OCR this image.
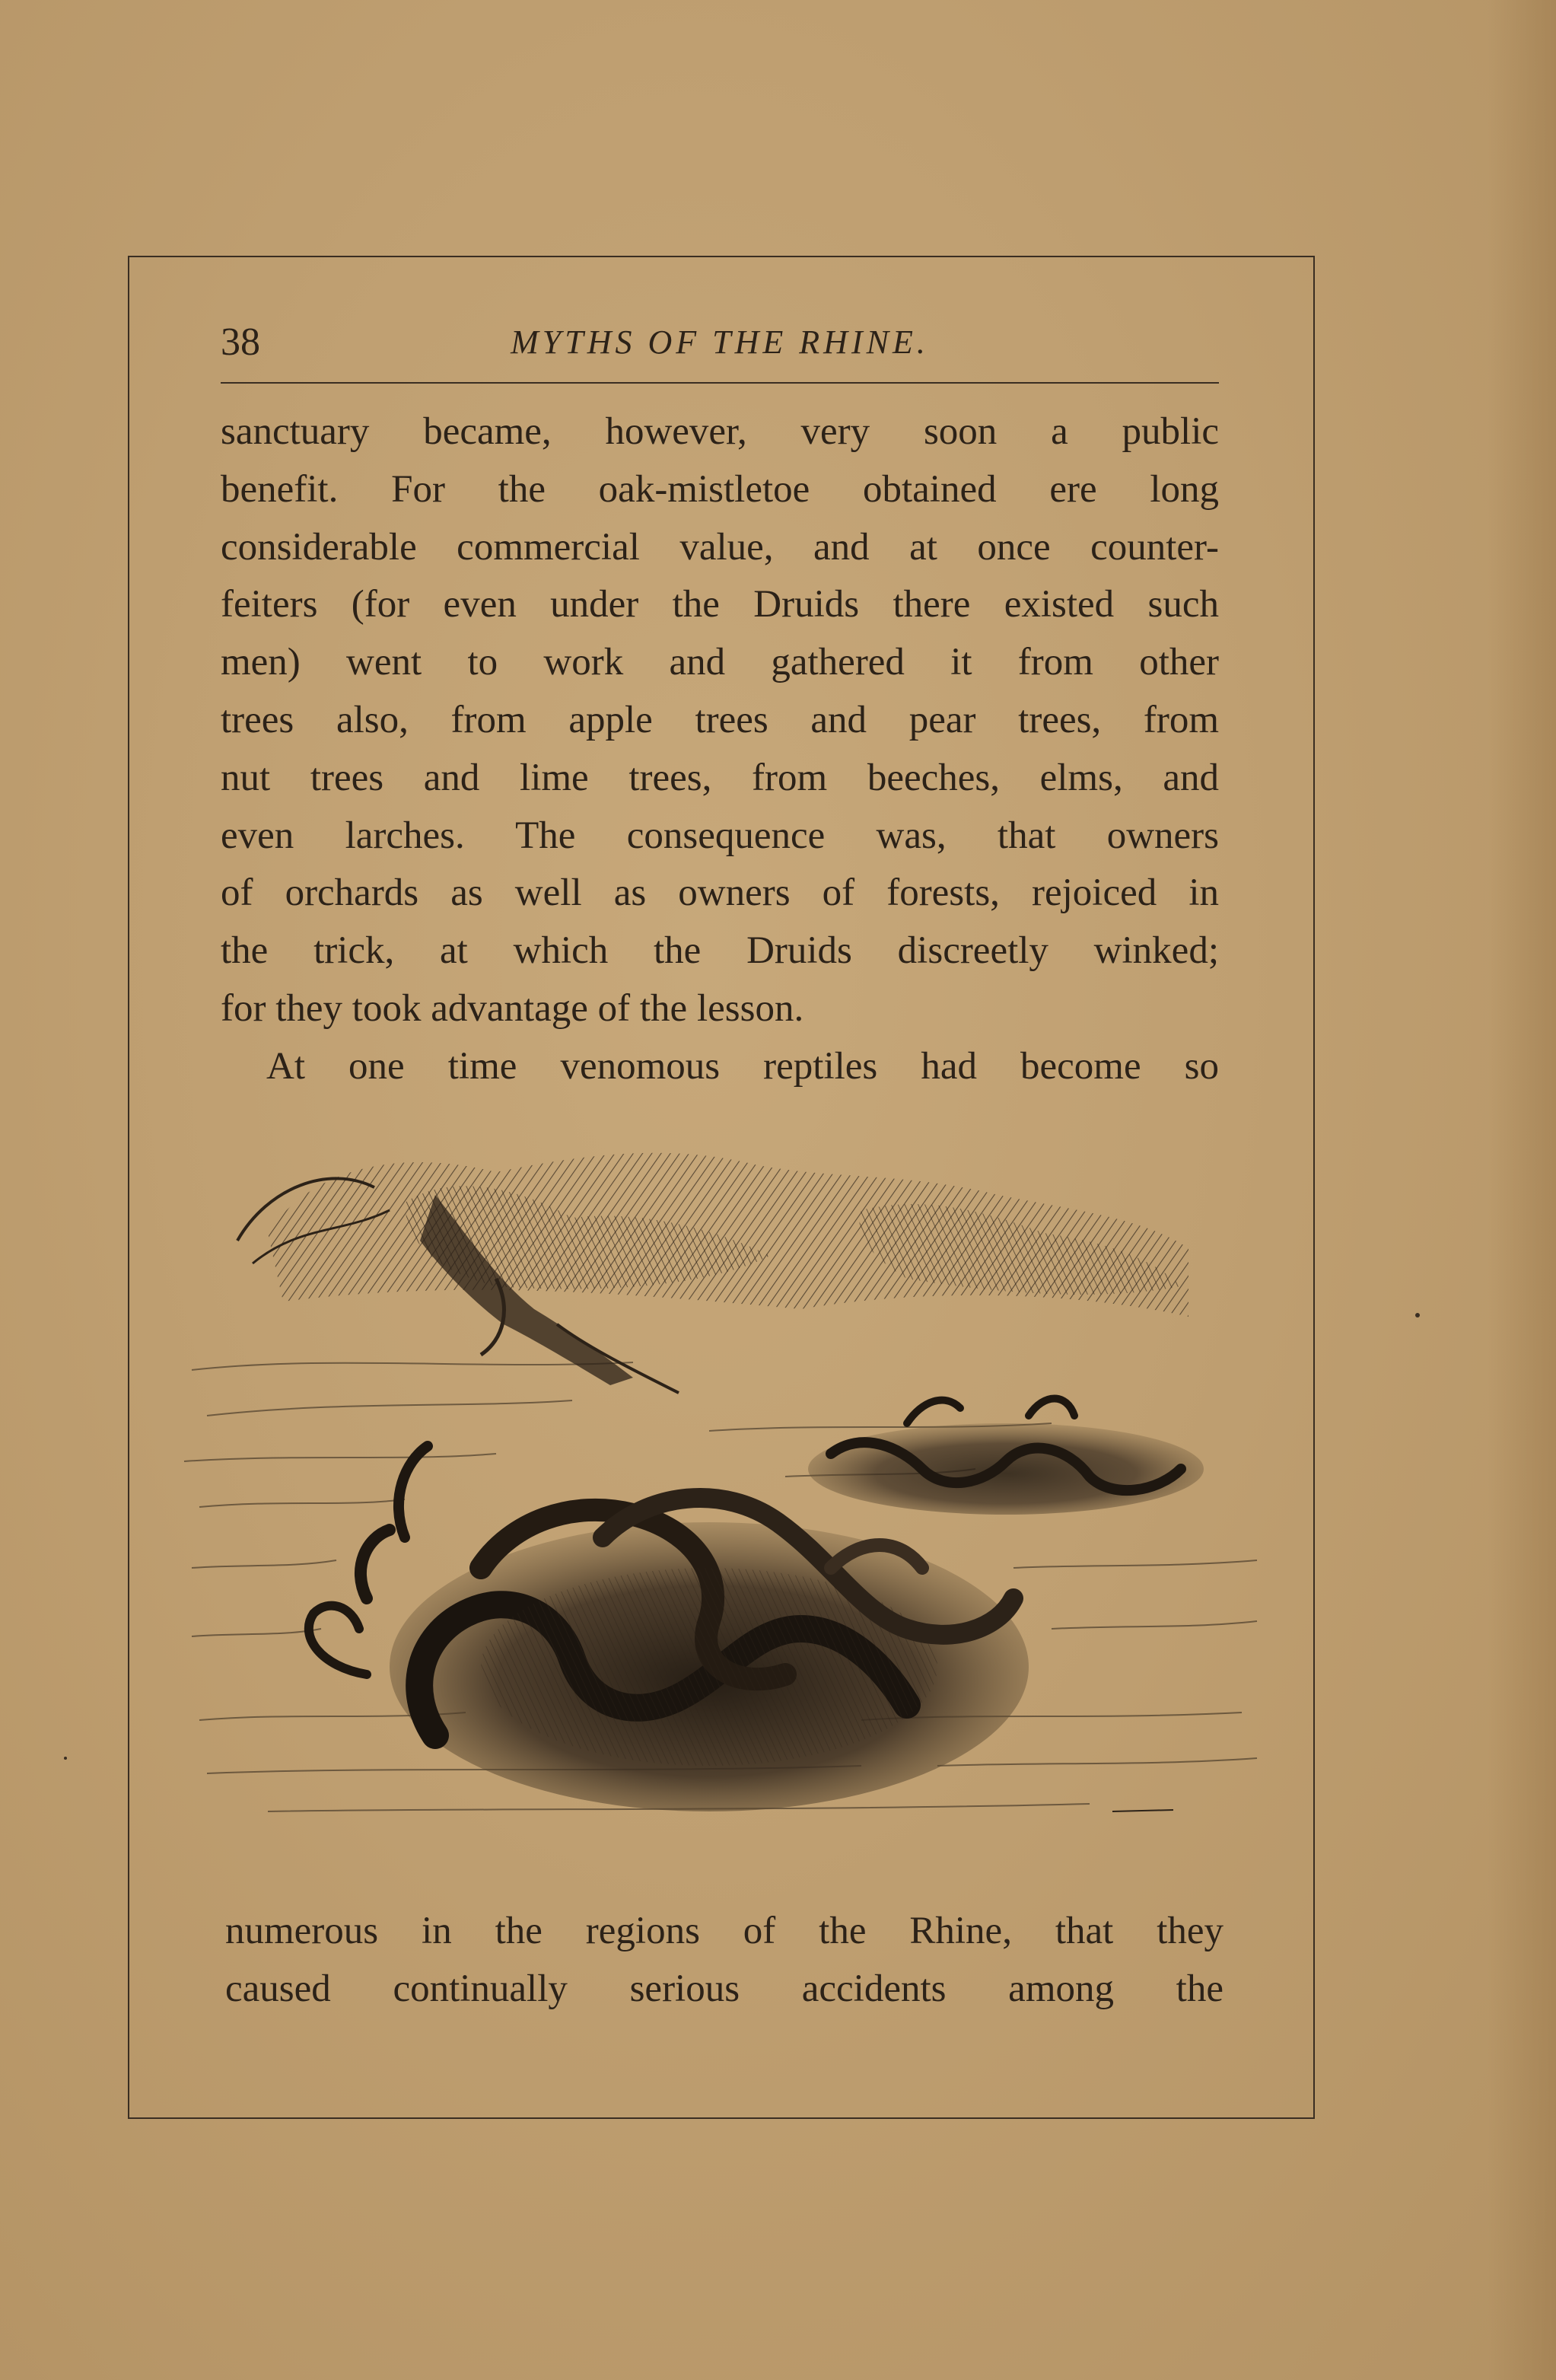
38	MYTHS OF THE RHINE.
sanctuary became, however, very soon a public
benefit. For the oak-mistletoe obtained ere long
considerable commercial value, and at once counter-
feiters (for even under the Druids there existed such
men) went to work and gathered it from other
trees also, from apple trees and pear trees, from
nut trees and lime trees, from beeches, elms, and
even larches. The consequence was, that owners
of orchards as well as owners of forests, rejoiced in
the trick, at which the Druids discreetly winked;
for they took advantage of the lesson.
At one time venomous reptiles had become so
numerous in the regions of the Rhine, that they
caused continually serious accidents among the
